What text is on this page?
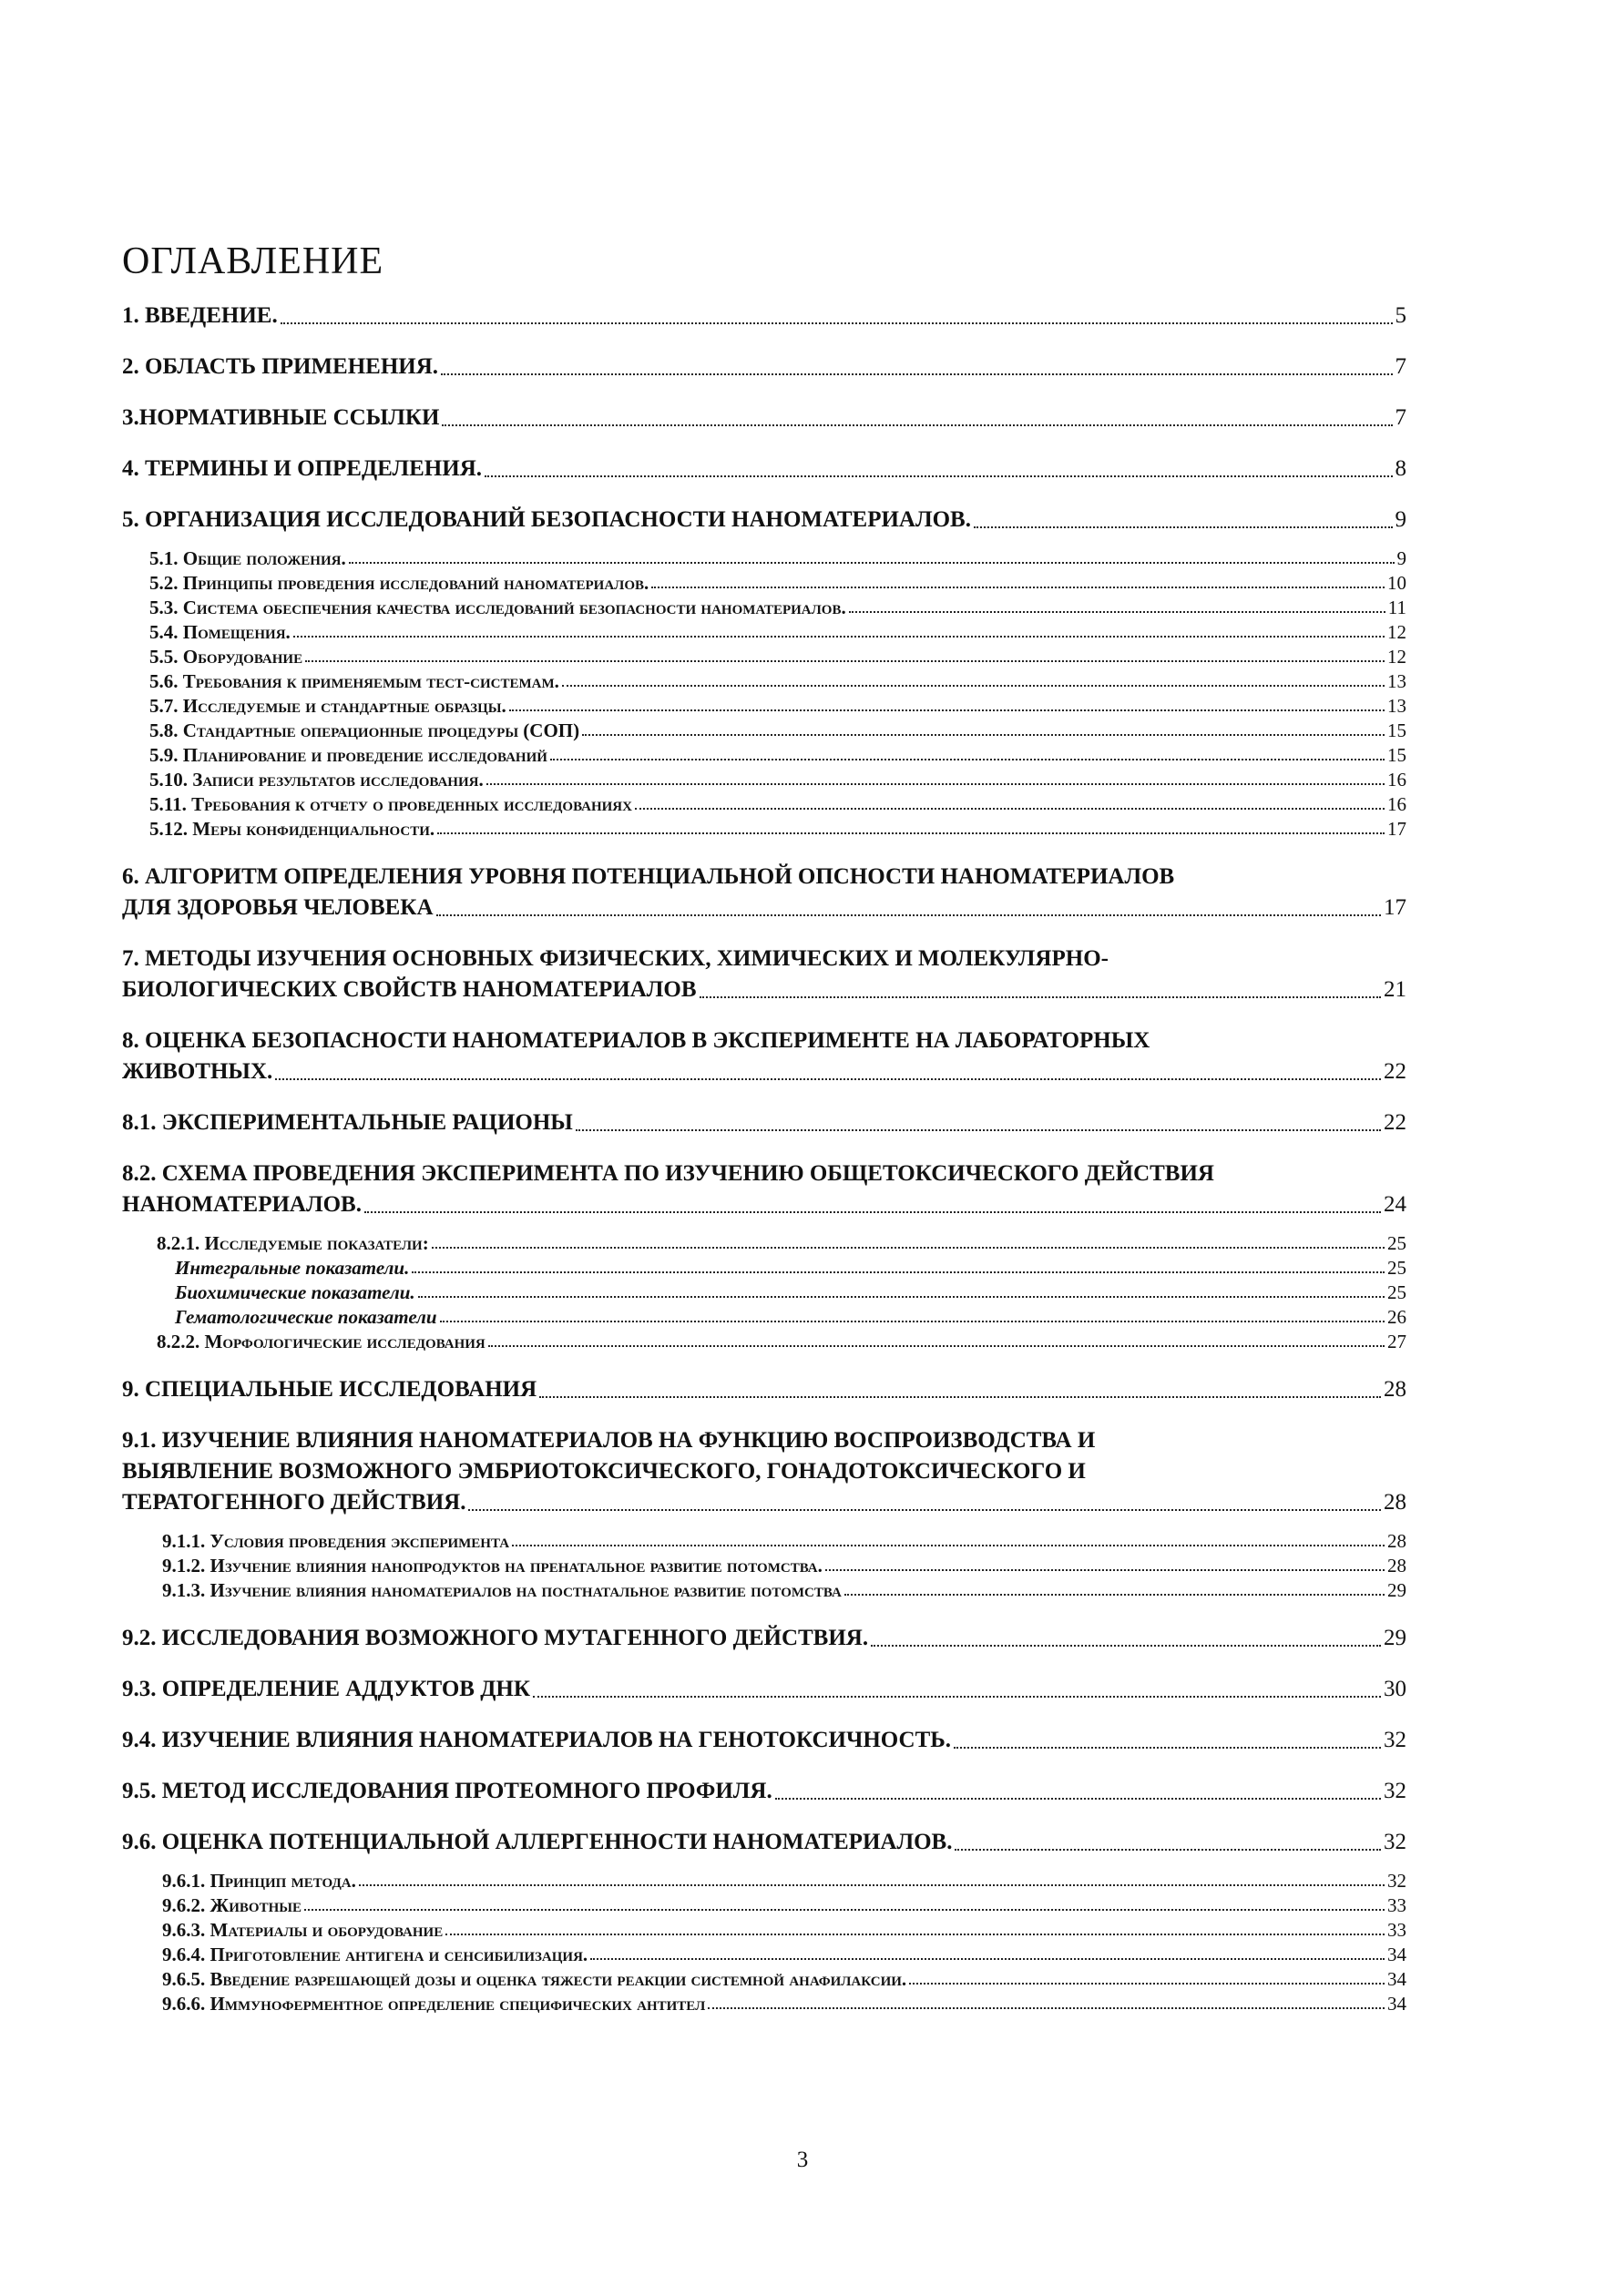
ОГЛАВЛЕНИЕ
1. ВВЕДЕНИЕ.	5
2. ОБЛАСТЬ ПРИМЕНЕНИЯ.	7
3.НОРМАТИВНЫЕ ССЫЛКИ	7
4. ТЕРМИНЫ И ОПРЕДЕЛЕНИЯ.	8
5. ОРГАНИЗАЦИЯ ИССЛЕДОВАНИЙ БЕЗОПАСНОСТИ НАНОМАТЕРИАЛОВ.	9
5.1. Общие положения.	9
5.2. Принципы проведения исследований наноматериалов.	10
5.3. Система обеспечения качества исследований безопасности наноматериалов.	11
5.4. Помещения.	12
5.5. Оборудование	12
5.6. Требования к применяемым тест-системам.	13
5.7. Исследуемые и стандартные образцы.	13
5.8. Стандартные операционные процедуры (СОП)	15
5.9. Планирование и проведение исследований	15
5.10. Записи результатов исследования.	16
5.11. Требования к отчету о проведенных исследованиях	16
5.12. Меры конфиденциальности.	17
6. АЛГОРИТМ ОПРЕДЕЛЕНИЯ УРОВНЯ ПОТЕНЦИАЛЬНОЙ ОПСНОСТИ НАНОМАТЕРИАЛОВ
ДЛЯ ЗДОРОВЬЯ ЧЕЛОВЕКА	17
7. МЕТОДЫ ИЗУЧЕНИЯ ОСНОВНЫХ ФИЗИЧЕСКИХ, ХИМИЧЕСКИХ И МОЛЕКУЛЯРНО-
БИОЛОГИЧЕСКИХ СВОЙСТВ НАНОМАТЕРИАЛОВ	21
8. ОЦЕНКА БЕЗОПАСНОСТИ НАНОМАТЕРИАЛОВ В ЭКСПЕРИМЕНТЕ НА ЛАБОРАТОРНЫХ
ЖИВОТНЫХ.	22
8.1. ЭКСПЕРИМЕНТАЛЬНЫЕ РАЦИОНЫ	22
8.2. СХЕМА ПРОВЕДЕНИЯ ЭКСПЕРИМЕНТА ПО ИЗУЧЕНИЮ ОБЩЕТОКСИЧЕСКОГО ДЕЙСТВИЯ
НАНОМАТЕРИАЛОВ.	24
8.2.1. Исследуемые показатели:	25
Интегральные показатели.	25
Биохимические показатели.	25
Гематологические показатели	26
8.2.2. Морфологические исследования	27
9. СПЕЦИАЛЬНЫЕ ИССЛЕДОВАНИЯ	28
9.1. ИЗУЧЕНИЕ ВЛИЯНИЯ НАНОМАТЕРИАЛОВ НА ФУНКЦИЮ ВОСПРОИЗВОДСТВА И
ВЫЯВЛЕНИЕ ВОЗМОЖНОГО ЭМБРИОТОКСИЧЕСКОГО, ГОНАДОТОКСИЧЕСКОГО И
ТЕРАТОГЕННОГО ДЕЙСТВИЯ.	28
9.1.1. Условия проведения эксперимента	28
9.1.2. Изучение влияния нанопродуктов на пренатальное развитие потомства.	28
9.1.3. Изучение влияния наноматериалов на постнатальное развитие потомства	29
9.2. ИССЛЕДОВАНИЯ ВОЗМОЖНОГО МУТАГЕННОГО ДЕЙСТВИЯ.	29
9.3. ОПРЕДЕЛЕНИЕ АДДУКТОВ ДНК	30
9.4. ИЗУЧЕНИЕ ВЛИЯНИЯ НАНОМАТЕРИАЛОВ НА ГЕНОТОКСИЧНОСТЬ.	32
9.5. МЕТОД ИССЛЕДОВАНИЯ ПРОТЕОМНОГО ПРОФИЛЯ.	32
9.6. ОЦЕНКА ПОТЕНЦИАЛЬНОЙ АЛЛЕРГЕННОСТИ НАНОМАТЕРИАЛОВ.	32
9.6.1. Принцип метода.	32
9.6.2. Животные	33
9.6.3. Материалы и оборудование	33
9.6.4. Приготовление антигена и сенсибилизация.	34
9.6.5. Введение разрешающей дозы и оценка тяжести реакции системной анафилаксии.	34
9.6.6. Иммуноферментное определение специфических антител	34
3
